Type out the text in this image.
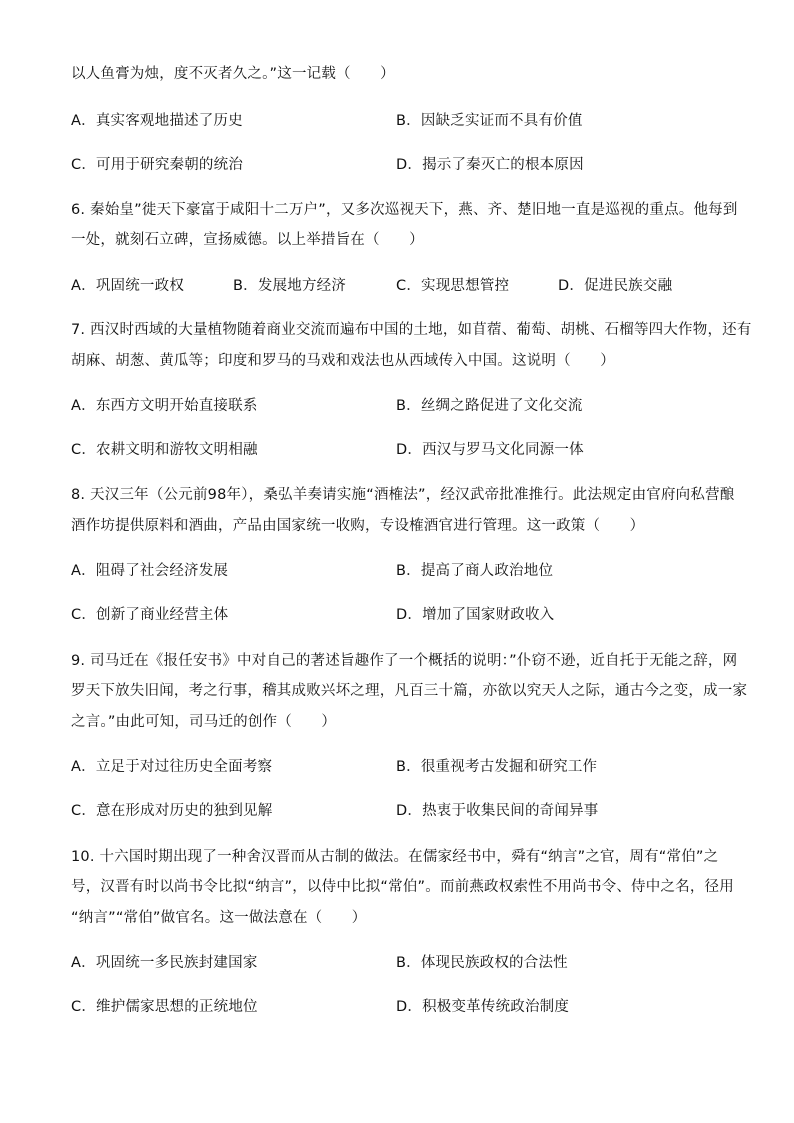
以人鱼膏为烛，度不灭者久之。”这一记载（　　）
A．真实客观地描述了历史	B．因缺乏实证而不具有价值
C．可用于研究秦朝的统治	D．揭示了秦灭亡的根本原因
6. 秦始皇”徙天下豪富于咸阳十二万户”，又多次巡视天下，燕、齐、楚旧地一直是巡视的重点。他每到
一处，就刻石立碑，宣扬威德。以上举措旨在（　　）
A．巩固统一政权	B．发展地方经济	C．实现思想管控	D．促进民族交融
7. 西汉时西域的大量植物随着商业交流而遍布中国的土地，如苜蓿、葡萄、胡桃、石榴等四大作物，还有
胡麻、胡葱、黄瓜等；印度和罗马的马戏和戏法也从西域传入中国。这说明（　　）
A．东西方文明开始直接联系	B．丝绸之路促进了文化交流
C．农耕文明和游牧文明相融	D．西汉与罗马文化同源一体
8. 天汉三年（公元前98年），桑弘羊奏请实施“酒榷法”，经汉武帝批准推行。此法规定由官府向私营酿
酒作坊提供原料和酒曲，产品由国家统一收购，专设榷酒官进行管理。这一政策（　　）
A．阻碍了社会经济发展	B．提高了商人政治地位
C．创新了商业经营主体	D．增加了国家财政收入
9. 司马迁在《报任安书》中对自己的著述旨趣作了一个概括的说明：”仆窃不逊，近自托于无能之辞，网
罗天下放失旧闻，考之行事，稽其成败兴坏之理，凡百三十篇，亦欲以究天人之际，通古今之变，成一家
之言。”由此可知，司马迁的创作（　　）
A．立足于对过往历史全面考察	B．很重视考古发掘和研究工作
C．意在形成对历史的独到见解	D．热衷于收集民间的奇闻异事
10. 十六国时期出现了一种舍汉晋而从古制的做法。在儒家经书中，舜有“纳言”之官，周有“常伯”之
号，汉晋有时以尚书令比拟“纳言”，以侍中比拟“常伯”。而前燕政权索性不用尚书令、侍中之名，径用
“纳言”“常伯”做官名。这一做法意在（　　）
A．巩固统一多民族封建国家	B．体现民族政权的合法性
C．维护儒家思想的正统地位	D．积极变革传统政治制度
